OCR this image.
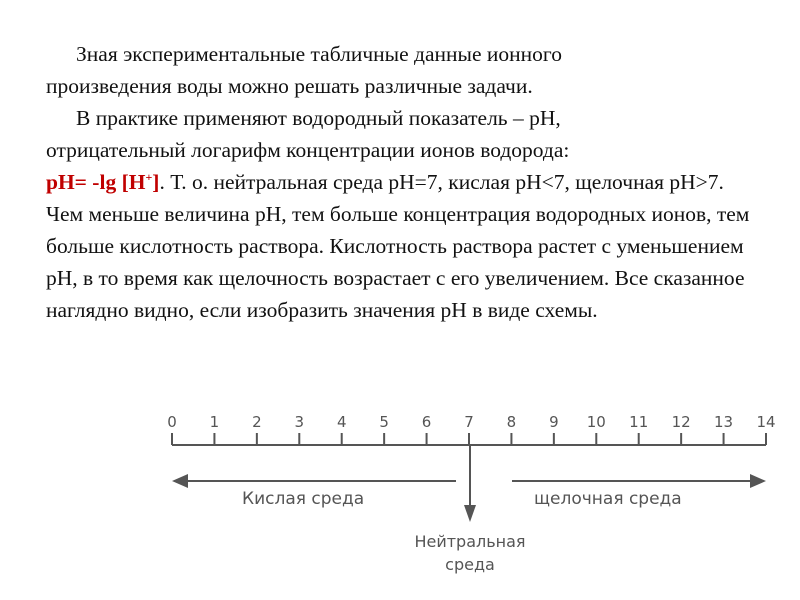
Зная экспериментальные табличные данные ионного
произведения воды можно решать различные задачи.

В практике применяют водородный показатель – pH,
отрицательный логарифм концентрации ионов водорода:
pH= -lg [H+]. Т. о. нейтральная среда pH=7, кислая pH<7, щелочная pH>7. Чем меньше величина pH, тем больше концентрация водородных ионов, тем больше кислотность раствора. Кислотность раствора растет с уменьшением pH, в то время как щелочность возрастает с его увеличением. Все сказанное наглядно видно, если изобразить значения pH в виде схемы.

0 1 2 3 4 5 6 7 8 9 10 11 12 13 14
Кислая среда	щелочная среда
Нейтральная
среда
